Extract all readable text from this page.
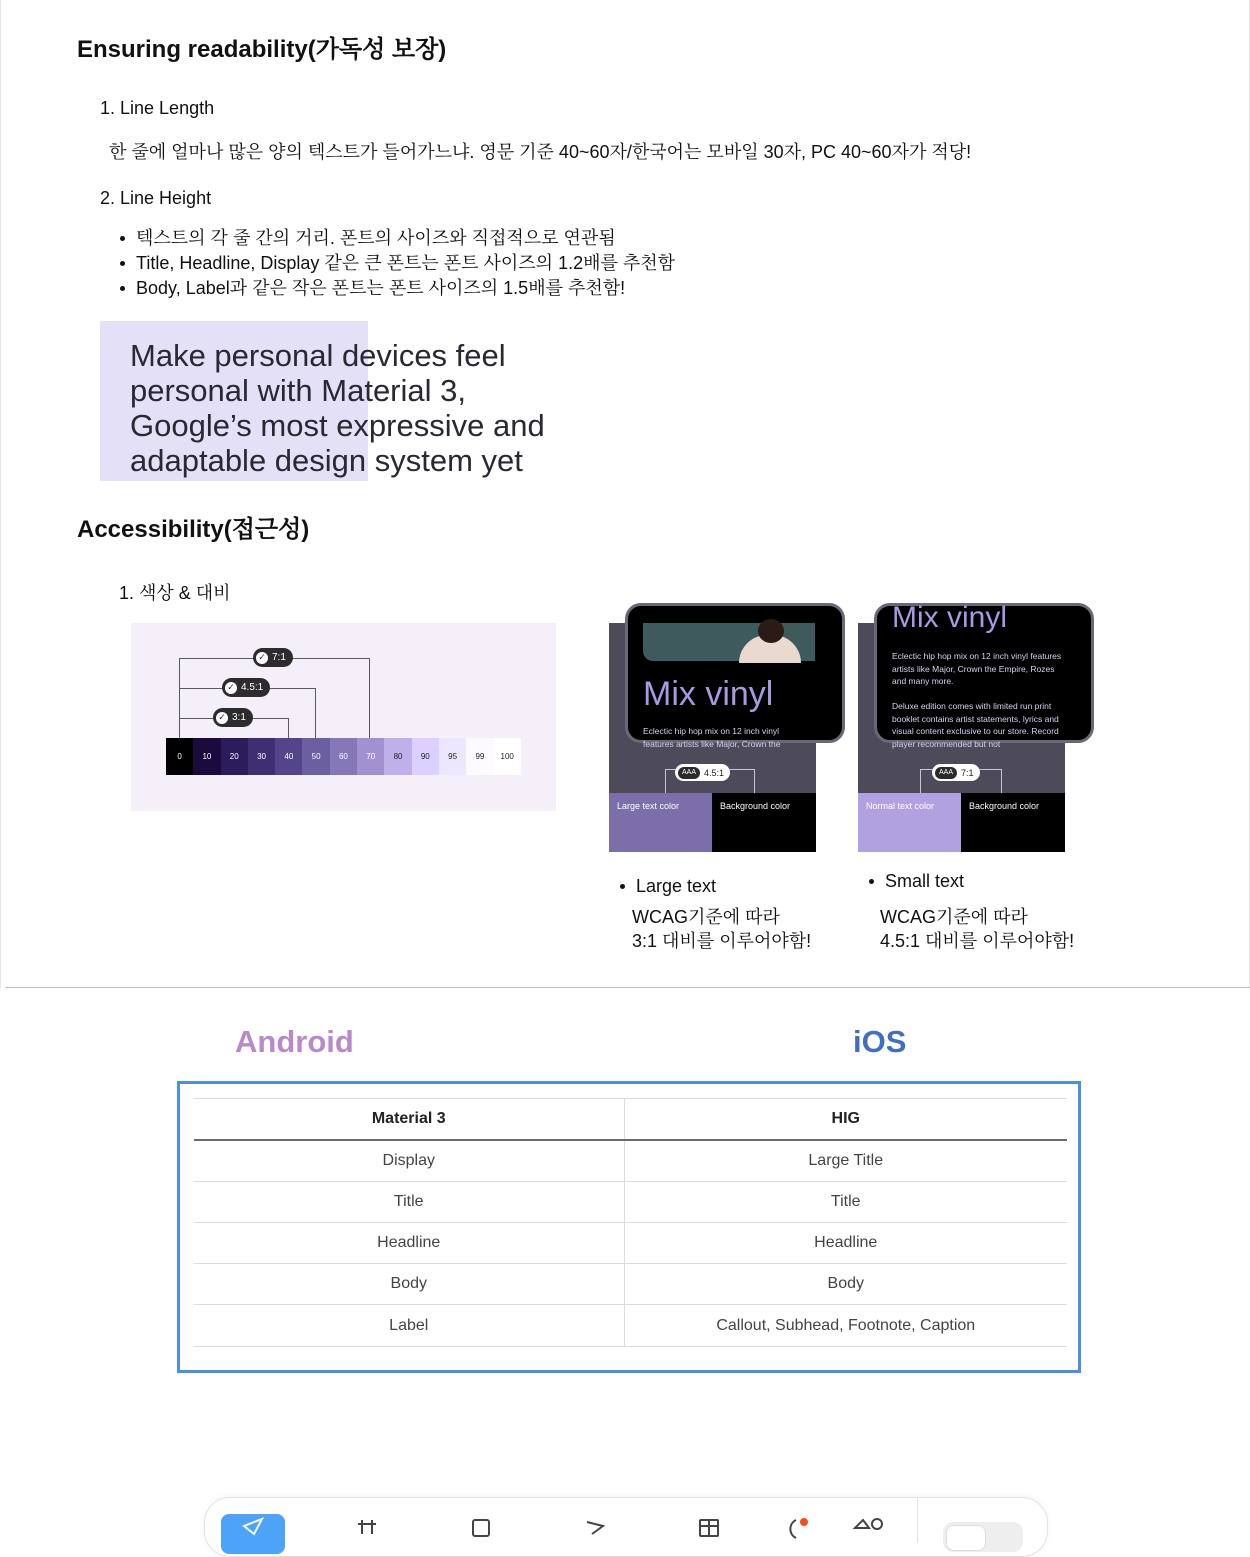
Ensuring readability(가독성 보장)
1. Line Length
한 줄에 얼마나 많은 양의 텍스트가 들어가느냐. 영문 기준 40~60자/한국어는 모바일 30자, PC 40~60자가 적당!
2. Line Height
텍스트의 각 줄 간의 거리. 폰트의 사이즈와 직접적으로 연관됨
Title, Headline, Display 같은 큰 폰트는 폰트 사이즈의 1.2배를 추천함
Body, Label과 같은 작은 폰트는 폰트 사이즈의 1.5배를 추천함!
Make personal devices feel
personal with Material 3,
Google’s most expressive and
adaptable design system yet
Accessibility(접근성)
1. 색상 & 대비
✓ 7:1
✓ 4.5:1
✓ 3:1
0	10	20	30	40	50	60	70	80	90	95	99	100
Mix vinyl
Eclectic hip hop mix on 12 inch vinyl features artists like Major, Crown the
AAA 4.5:1
Large text color	Background color
Mix vinyl
Eclectic hip hop mix on 12 inch vinyl features artists like Major, Crown the Empire, Rozes and many more.
Deluxe edition comes with limited run print booklet contains artist statements, lyrics and visual content exclusive to our store. Record player recommended but not
AAA 7:1
Normal text color	Background color
Large text
WCAG기준에 따라
3:1 대비를 이루어야함!
Small text
WCAG기준에 따라
4.5:1 대비를 이루어야함!
Android	iOS
Material 3	HIG
Display	Large Title
Title	Title
Headline	Headline
Body	Body
Label	Callout, Subhead, Footnote, Caption
